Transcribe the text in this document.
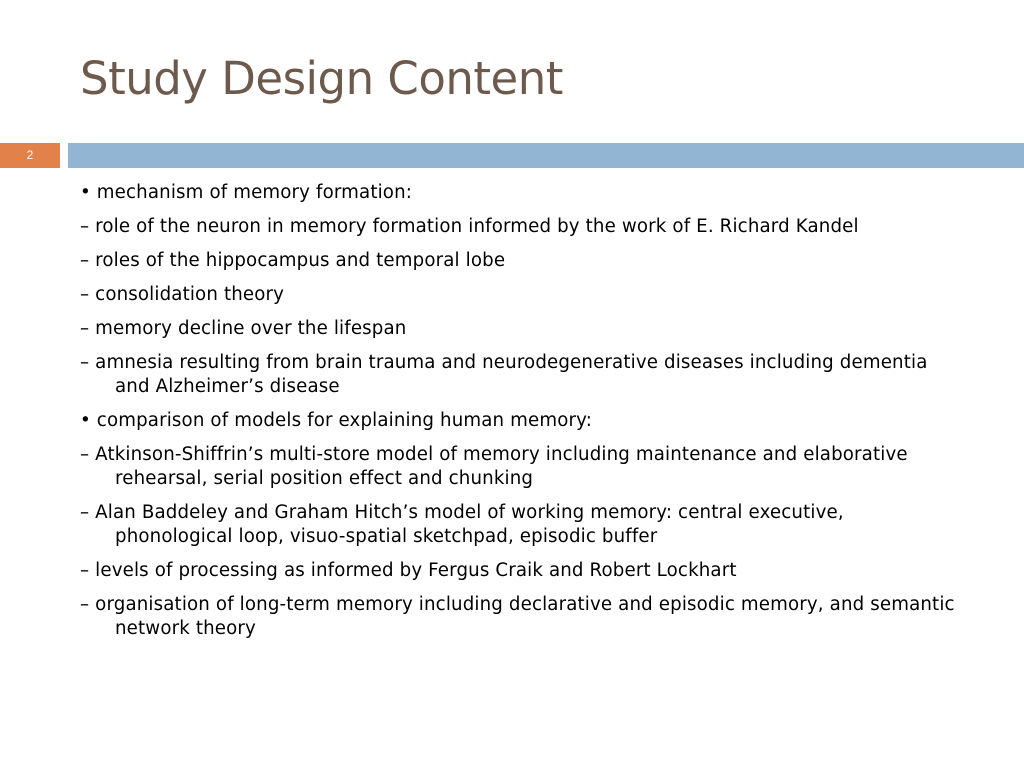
Study Design Content
2

• mechanism of memory formation:

– role of the neuron in memory formation informed by the work of E. Richard Kandel

– roles of the hippocampus and temporal lobe

– consolidation theory

– memory decline over the lifespan

– amnesia resulting from brain trauma and neurodegenerative diseases including dementia and Alzheimer’s disease

• comparison of models for explaining human memory:

– Atkinson-Shiffrin’s multi-store model of memory including maintenance and elaborative rehearsal, serial position effect and chunking

– Alan Baddeley and Graham Hitch’s model of working memory: central executive, phonological loop, visuo-spatial sketchpad, episodic buffer

– levels of processing as informed by Fergus Craik and Robert Lockhart

– organisation of long-term memory including declarative and episodic memory, and semantic network theory
